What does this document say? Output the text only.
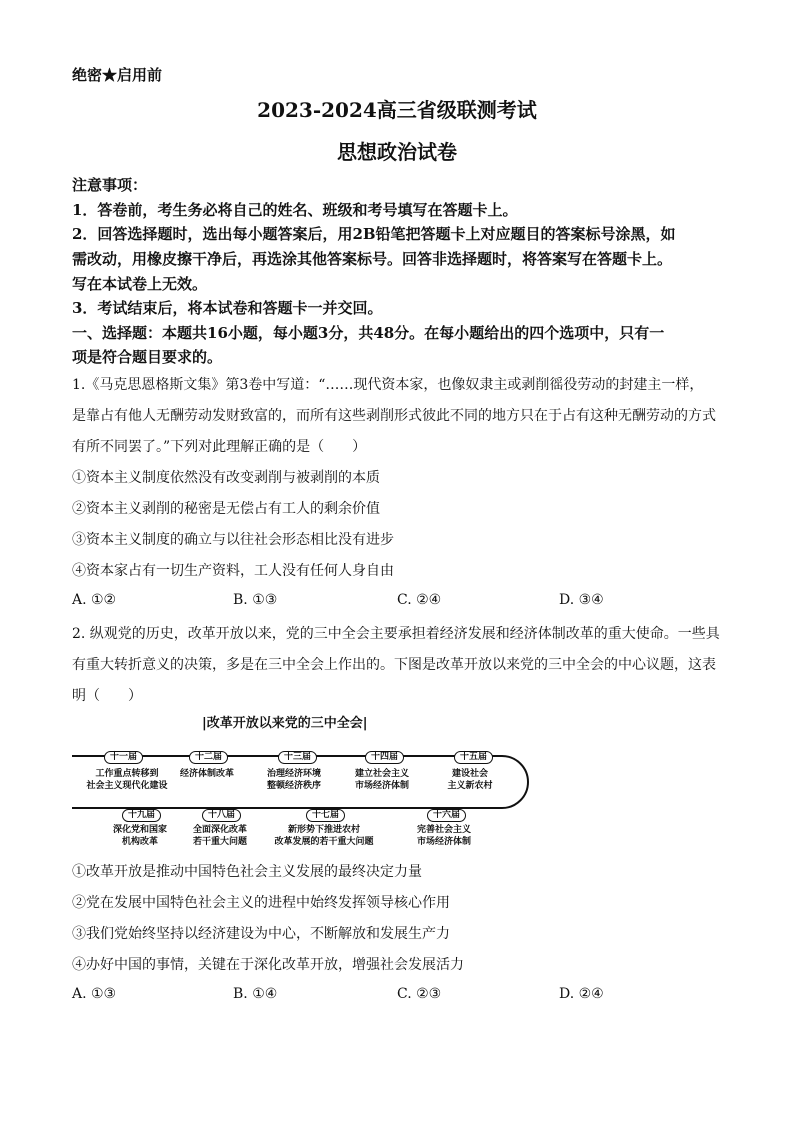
绝密★启用前
2023-2024高三省级联测考试
思想政治试卷
注意事项：
1．答卷前，考生务必将自己的姓名、班级和考号填写在答题卡上。
2．回答选择题时，选出每小题答案后，用2B铅笔把答题卡上对应题目的答案标号涂黑，如
需改动，用橡皮擦干净后，再选涂其他答案标号。回答非选择题时，将答案写在答题卡上。
写在本试卷上无效。
3．考试结束后，将本试卷和答题卡一并交回。
一、选择题：本题共16小题，每小题3分，共48分。在每小题给出的四个选项中，只有一
项是符合题目要求的。
1.《马克思恩格斯文集》第3卷中写道：“……现代资本家，也像奴隶主或剥削徭役劳动的封建主一样，
是靠占有他人无酬劳动发财致富的，而所有这些剥削形式彼此不同的地方只在于占有这种无酬劳动的方式
有所不同罢了。”下列对此理解正确的是（　　）
①资本主义制度依然没有改变剥削与被剥削的本质
②资本主义剥削的秘密是无偿占有工人的剩余价值
③资本主义制度的确立与以往社会形态相比没有进步
④资本家占有一切生产资料，工人没有任何人身自由
A. ①②	B. ①③	C. ②④	D. ③④
2. 纵观党的历史，改革开放以来，党的三中全会主要承担着经济发展和经济体制改革的重大使命。一些具
有重大转折意义的决策，多是在三中全会上作出的。下图是改革开放以来党的三中全会的中心议题，这表
明（　　）
|改革开放以来党的三中全会|
十一届
工作重点转移到
社会主义现代化建设
十二届
经济体制改革
十三届
治理经济环境
整顿经济秩序
十四届
建立社会主义
市场经济体制
十五届
建设社会
主义新农村
十九届
深化党和国家
机构改革
十八届
全面深化改革
若干重大问题
十七届
新形势下推进农村
改革发展的若干重大问题
十六届
完善社会主义
市场经济体制
①改革开放是推动中国特色社会主义发展的最终决定力量
②党在发展中国特色社会主义的进程中始终发挥领导核心作用
③我们党始终坚持以经济建设为中心，不断解放和发展生产力
④办好中国的事情，关键在于深化改革开放，增强社会发展活力
A. ①③	B. ①④	C. ②③	D. ②④
